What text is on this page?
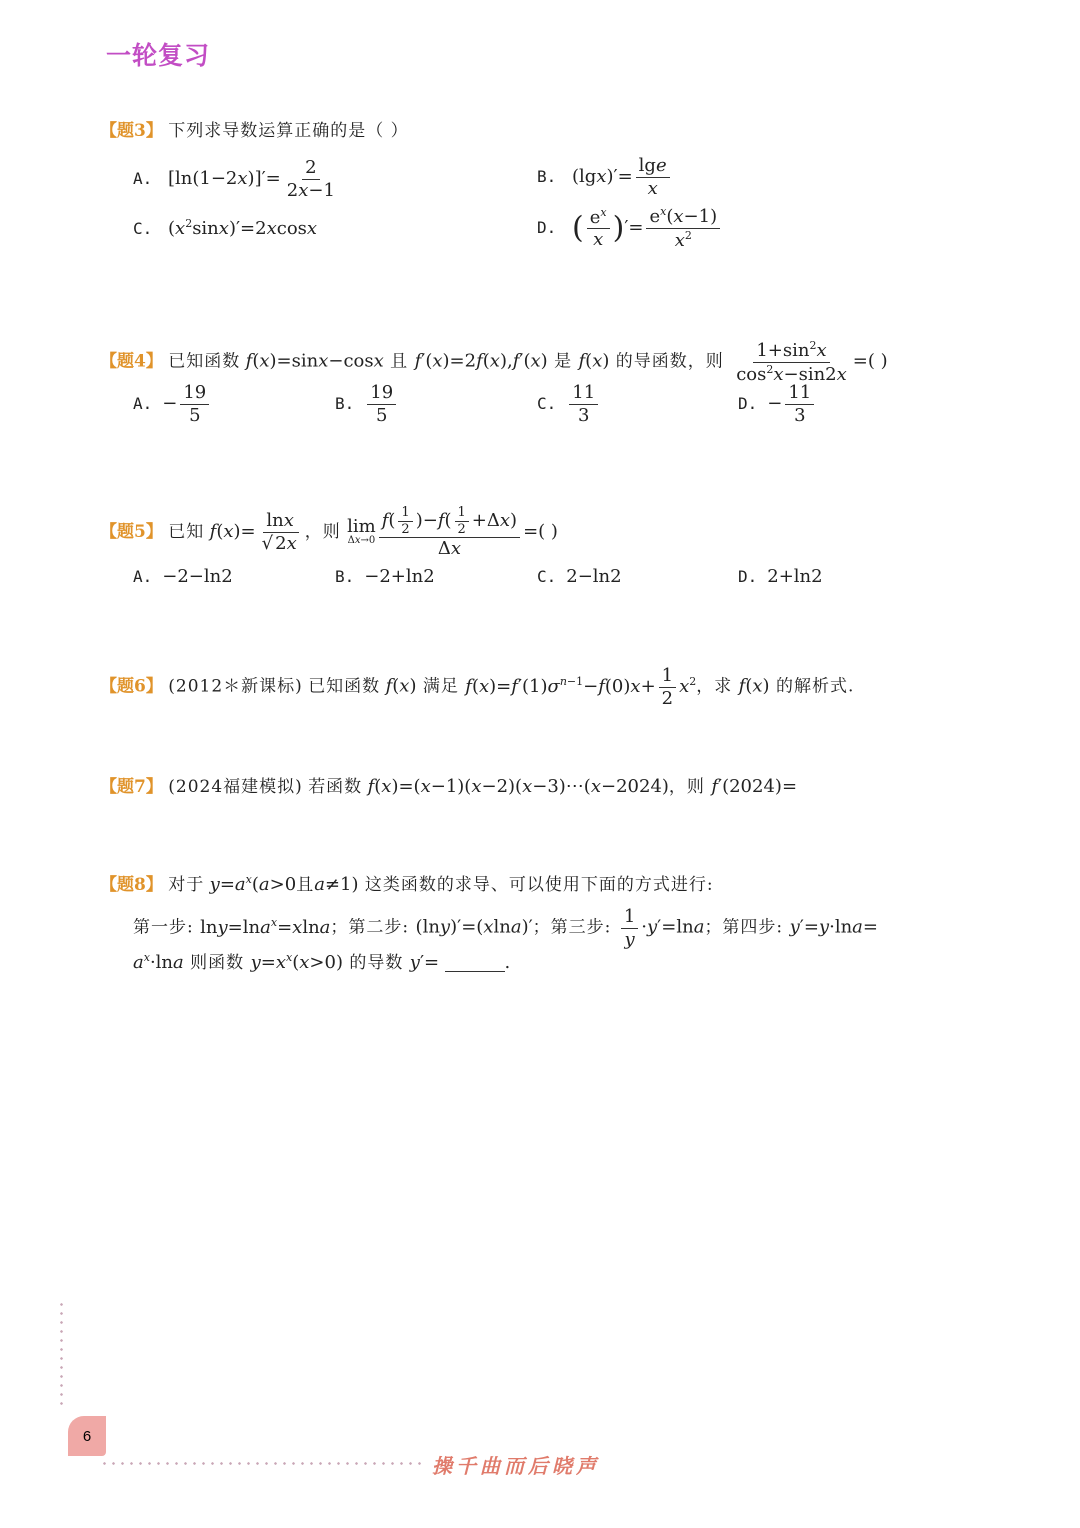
一轮复习
【题3】 下列求导数运算正确的是（ ）
A. $[\ln(1-2x)]'= \frac{2}{2x-1}$	B. $(\lg x)'= \frac{\lg e}{x}$
C. $(x^2\sin x)'=2xcosx$	D. ( $\frac{e^x}{x}$ )′= $\frac{e^x(x-1)}{x^2}$
【题4】 已知函数 f(x)=sinx−cosx 且 f′(x)=2f(x),f′(x) 是 f(x) 的导函数，则 $\frac{1+\sin^2x}{\cos^2x-\sin 2x}$ =( )
A. − $\frac{19}{5}$	B. $\frac{19}{5}$	C. $\frac{11}{3}$	D. − $\frac{11}{3}$
【题5】 已知 $f(x)= \frac{\ln x}{√ 2x}$ ，则 lim
$\Delta x\to 0 \frac{f( \frac{1}{2} )-f( \frac{1}{2} +\Delta x)}{\Delta x}$ =( )
A. −2−ln2	B. −2+ln2	C. 2−ln2	D. 2+ln2
【题6】 (2012＊新课标) 已知函数 f(x) 满足 $f(x)=f'(1)\sigma^{n-1}-f(0)x+ \frac{1}{2} x^2$，求 f(x) 的解析式.
【题7】 (2024福建模拟) 若函数 f(x)=(x−1)(x−2)(x−3)⋯(x−2024)，则 f′(2024)=
【题8】 对于 $y=a^x(a>0$且a≠1) 这类函数的求导、可以使用下面的方式进行:
第一步: lny=lna$^x$=xlna；第二步: (lny)′=(xlna)′；第三步: $\frac{1}{y} \cdot y'=\ln a$；第四步: y′=y·lna=
$a^x\cdot\ln a$ 则函数 $y=x^x(x>0)$ 的导数 y′=	.
6
操千曲而后晓声
